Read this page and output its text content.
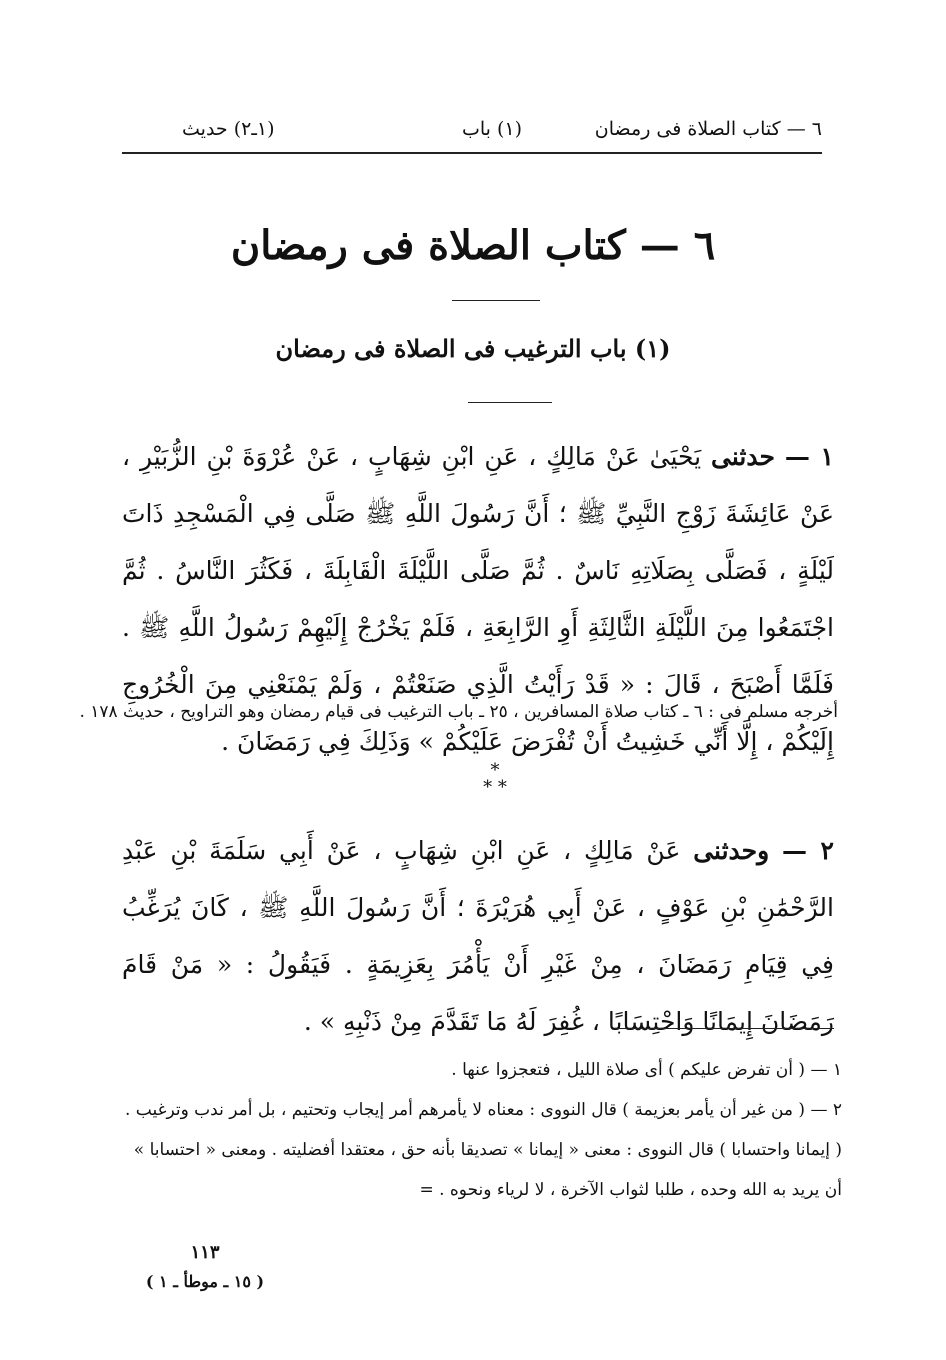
٦ — كتاب الصلاة فى رمضان
(١) باب
(١ـ٢) حديث
٦ — كتاب الصلاة فى رمضان
(١) باب الترغيب فى الصلاة فى رمضان
١ — حدثنى يَحْيَىٰ عَنْ مَالِكٍ ، عَنِ ابْنِ شِهَابٍ ، عَنْ عُرْوَةَ بْنِ الزُّبَيْرِ ، عَنْ عَائِشَةَ زَوْجِ النَّبِيِّ ﷺ ؛ أَنَّ رَسُولَ اللَّهِ ﷺ صَلَّى فِي الْمَسْجِدِ ذَاتَ لَيْلَةٍ ، فَصَلَّى بِصَلَاتِهِ نَاسٌ . ثُمَّ صَلَّى اللَّيْلَةَ الْقَابِلَةَ ، فَكَثُرَ النَّاسُ . ثُمَّ اجْتَمَعُوا مِنَ اللَّيْلَةِ الثَّالِثَةِ أَوِ الرَّابِعَةِ ، فَلَمْ يَخْرُجْ إِلَيْهِمْ رَسُولُ اللَّهِ ﷺ . فَلَمَّا أَصْبَحَ ، قَالَ : « قَدْ رَأَيْتُ الَّذِي صَنَعْتُمْ ، وَلَمْ يَمْنَعْنِي مِنَ الْخُرُوجِ إِلَيْكُمْ ، إِلَّا أَنِّي خَشِيتُ أَنْ تُفْرَضَ عَلَيْكُمْ » وَذَلِكَ فِي رَمَضَانَ .
أخرجه مسلم فى : ٦ ـ كتاب صلاة المسافرين ، ٢٥ ـ باب الترغيب فى قيام رمضان وهو التراويح ، حديث ١٧٨ .
*
* *
٢ — وحدثنى عَنْ مَالِكٍ ، عَنِ ابْنِ شِهَابٍ ، عَنْ أَبِي سَلَمَةَ بْنِ عَبْدِ الرَّحْمَٰنِ بْنِ عَوْفٍ ، عَنْ أَبِي هُرَيْرَةَ ؛ أَنَّ رَسُولَ اللَّهِ ﷺ ، كَانَ يُرَغِّبُ فِي قِيَامِ رَمَضَانَ ، مِنْ غَيْرِ أَنْ يَأْمُرَ بِعَزِيمَةٍ . فَيَقُولُ : « مَنْ قَامَ رَمَضَانَ إِيمَانًا وَاحْتِسَابًا ، غُفِرَ لَهُ مَا تَقَدَّمَ مِنْ ذَنْبِهِ » .
١ — ( أن تفرض عليكم ) أى صلاة الليل ، فتعجزوا عنها .
٢ — ( من غير أن يأمر بعزيمة ) قال النووى : معناه لا يأمرهم أمر إيجاب وتحتيم ، بل أمر ندب وترغيب .
( إيمانا واحتسابا ) قال النووى : معنى « إيمانا » تصديقا بأنه حق ، معتقدا أفضليته . ومعنى « احتسابا »
أن يريد به الله وحده ، طلبا لثواب الآخرة ، لا لرياء ونحوه . =
١١٣
( ١٥ ـ موطأ ـ ١ )
